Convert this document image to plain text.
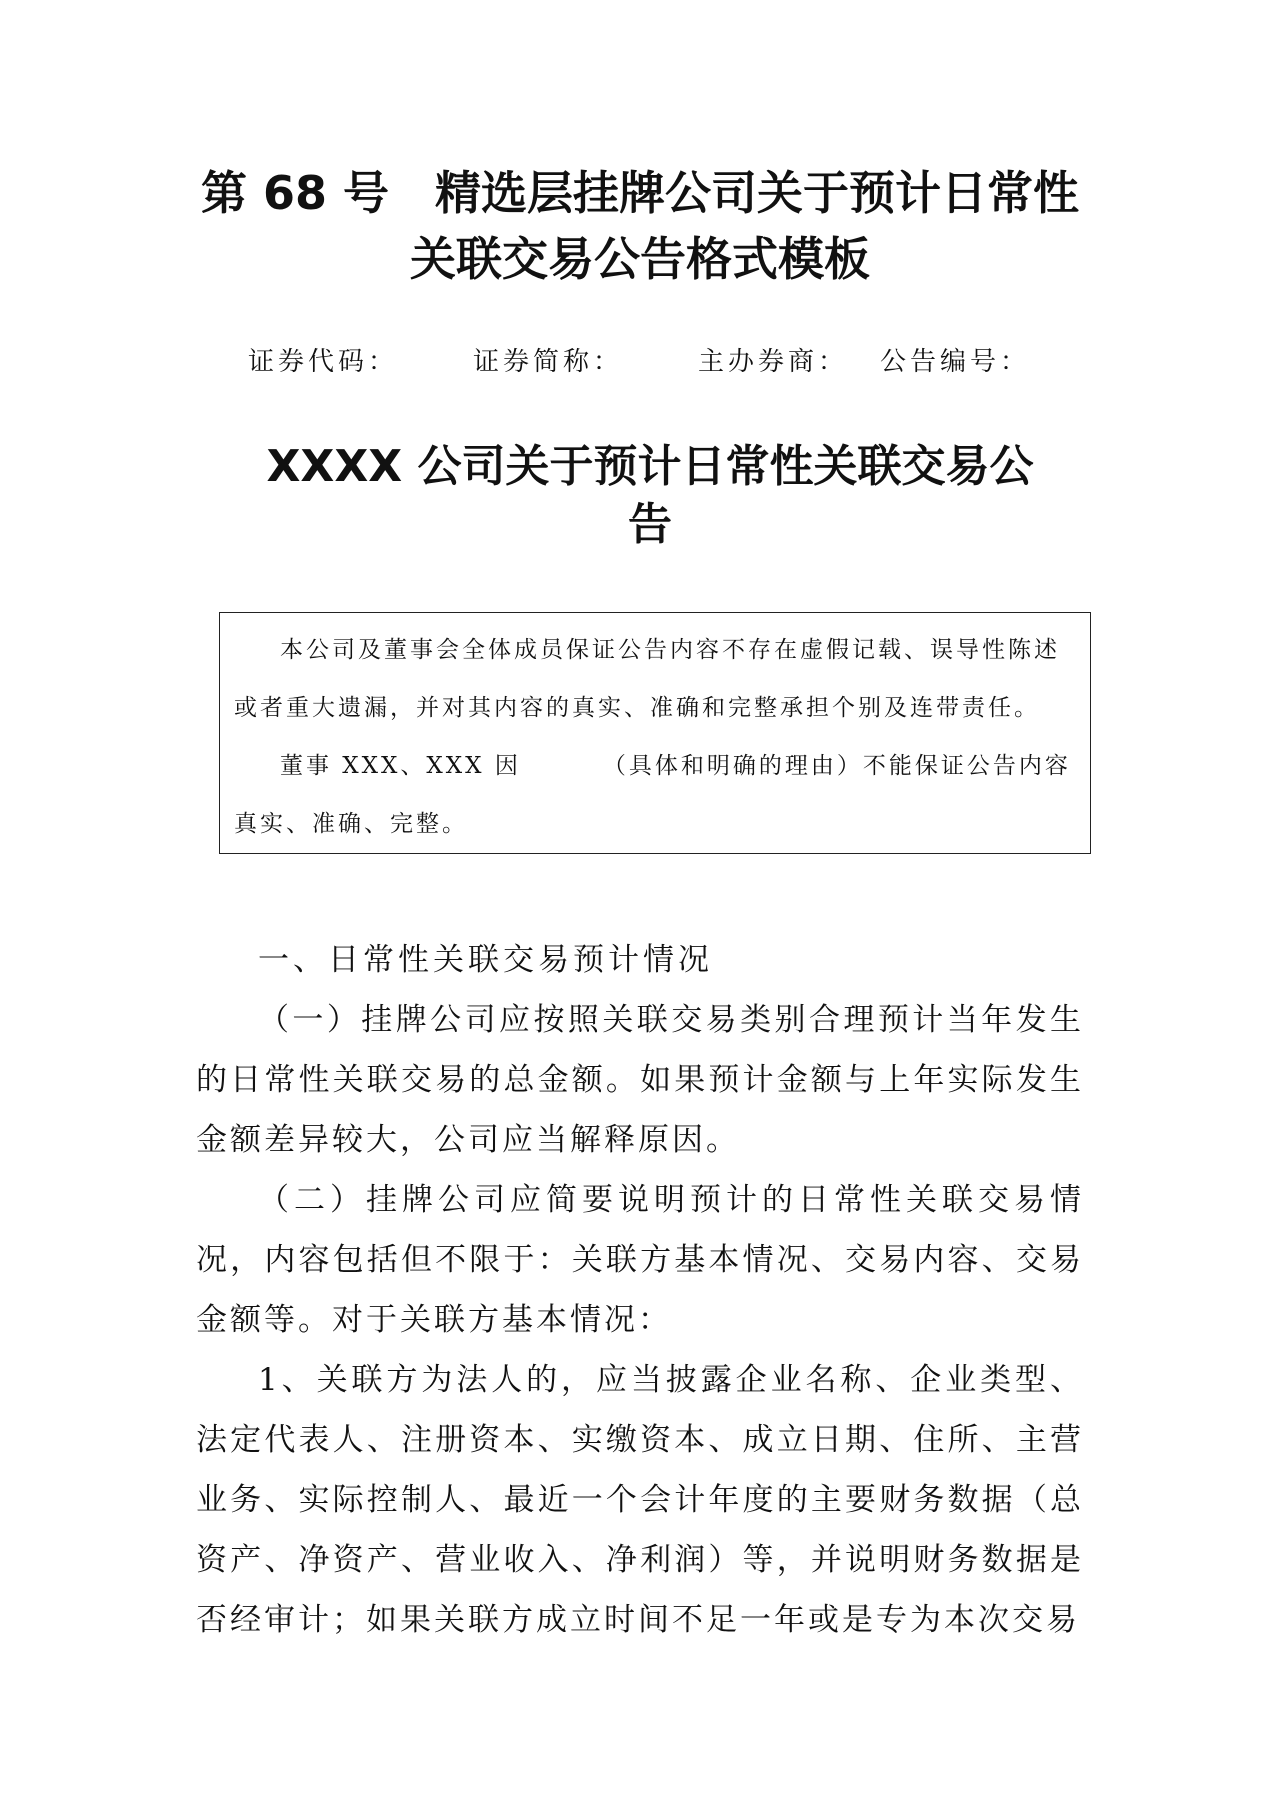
第 68 号　精选层挂牌公司关于预计日常性
关联交易公告格式模板
证券代码：	证券简称：	主办券商： 公告编号：
XXXX 公司关于预计日常性关联交易公
告

本公司及董事会全体成员保证公告内容不存在虚假记载、误导性陈述或者重大遗漏，并对其内容的真实、准确和完整承担个别及连带责任。

董事 XXX、XXX 因	（具体和明确的理由）不能保证公告内容真实、准确、完整。

一、日常性关联交易预计情况

（一）挂牌公司应按照关联交易类别合理预计当年发生的日常性关联交易的总金额。如果预计金额与上年实际发生金额差异较大，公司应当解释原因。

（二）挂牌公司应简要说明预计的日常性关联交易情况，内容包括但不限于：关联方基本情况、交易内容、交易金额等。对于关联方基本情况：

1、关联方为法人的，应当披露企业名称、企业类型、法定代表人、注册资本、实缴资本、成立日期、住所、主营业务、实际控制人、最近一个会计年度的主要财务数据（总资产、净资产、营业收入、净利润）等，并说明财务数据是否经审计；如果关联方成立时间不足一年或是专为本次交易
